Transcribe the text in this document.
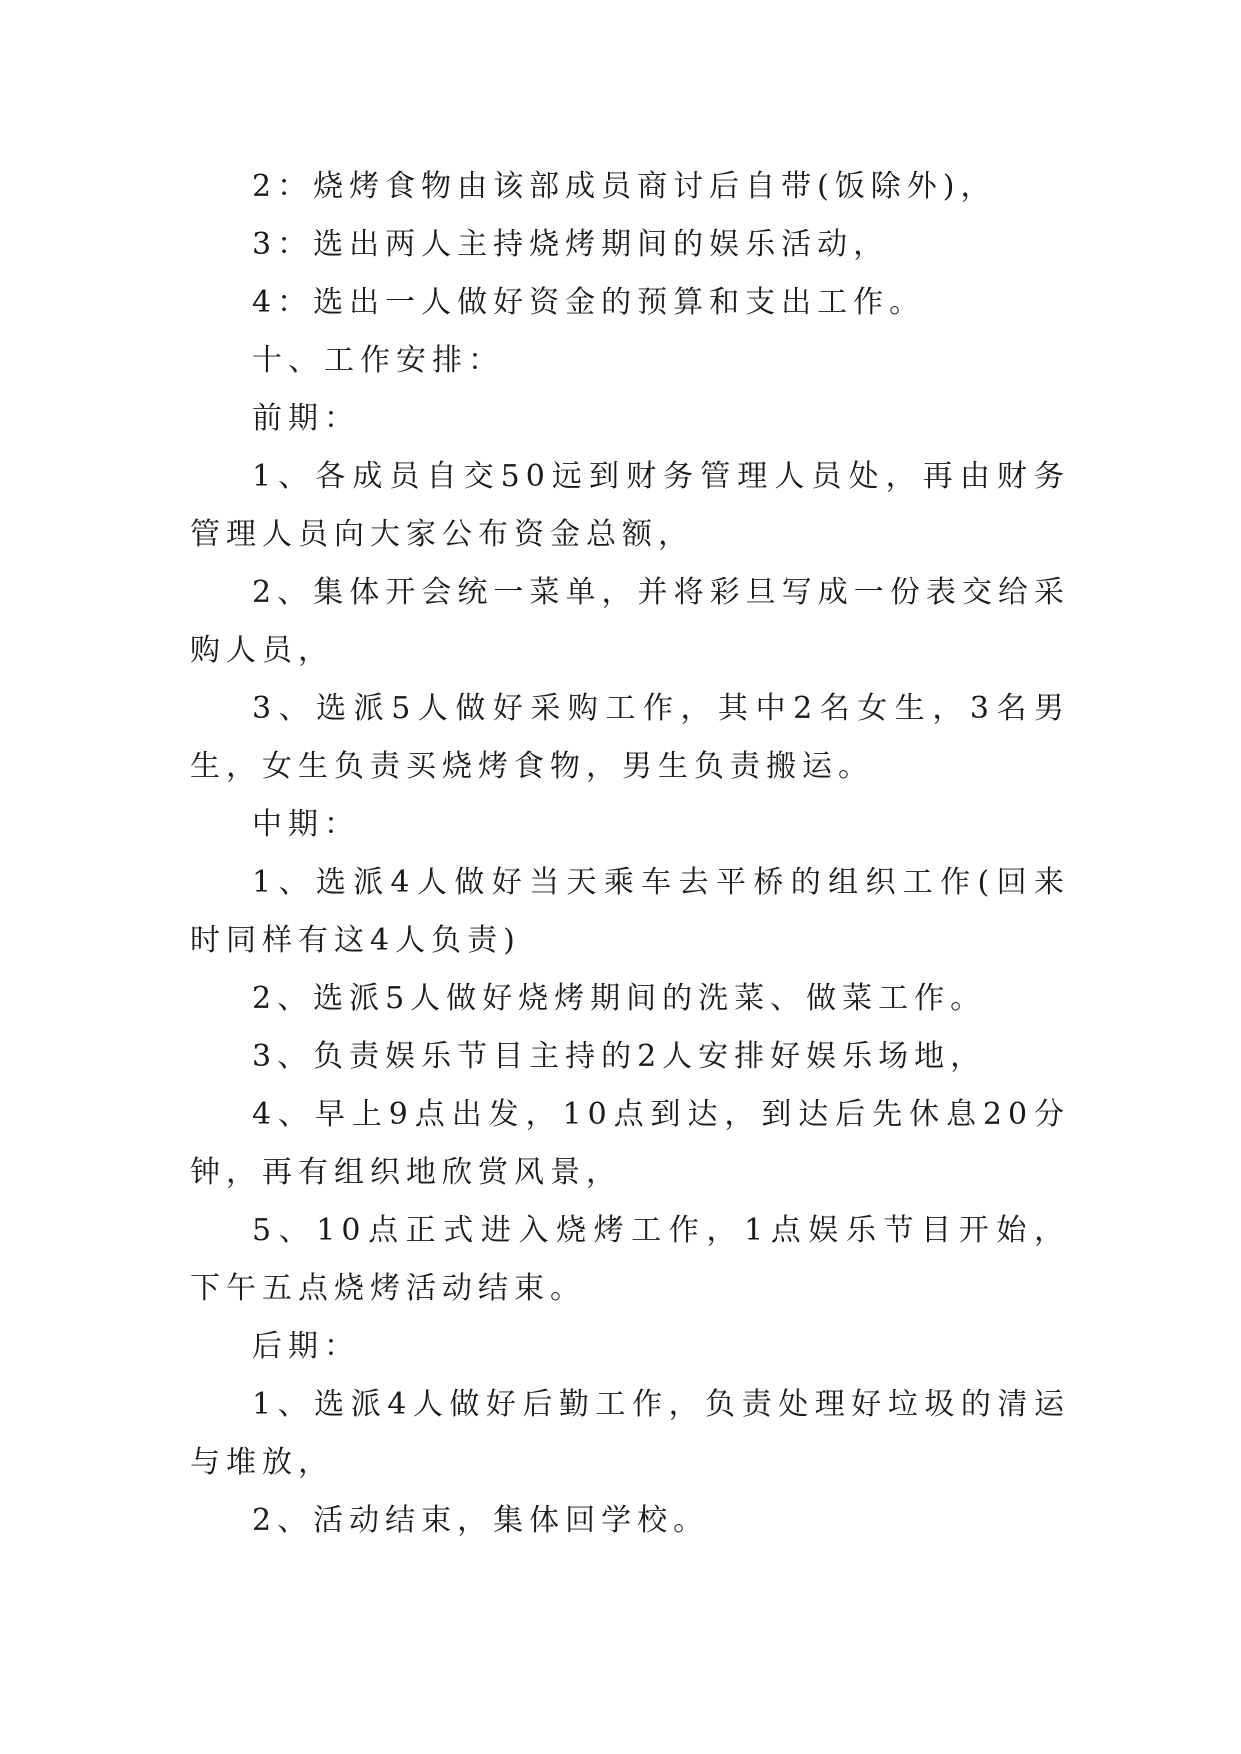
2：烧烤食物由该部成员商讨后自带(饭除外)，

3：选出两人主持烧烤期间的娱乐活动，

4：选出一人做好资金的预算和支出工作。

十、工作安排：

前期：

1、各成员自交50远到财务管理人员处，再由财务管理人员向大家公布资金总额，

2、集体开会统一菜单，并将彩旦写成一份表交给采购人员，

3、选派5人做好采购工作，其中2名女生，3名男生，女生负责买烧烤食物，男生负责搬运。

中期：

1、选派4人做好当天乘车去平桥的组织工作(回来时同样有这4人负责)

2、选派5人做好烧烤期间的洗菜、做菜工作。

3、负责娱乐节目主持的2人安排好娱乐场地，

4、早上9点出发，10点到达，到达后先休息20分钟，再有组织地欣赏风景，

5、10点正式进入烧烤工作，1点娱乐节目开始，下午五点烧烤活动结束。

后期：

1、选派4人做好后勤工作，负责处理好垃圾的清运与堆放，

2、活动结束，集体回学校。
